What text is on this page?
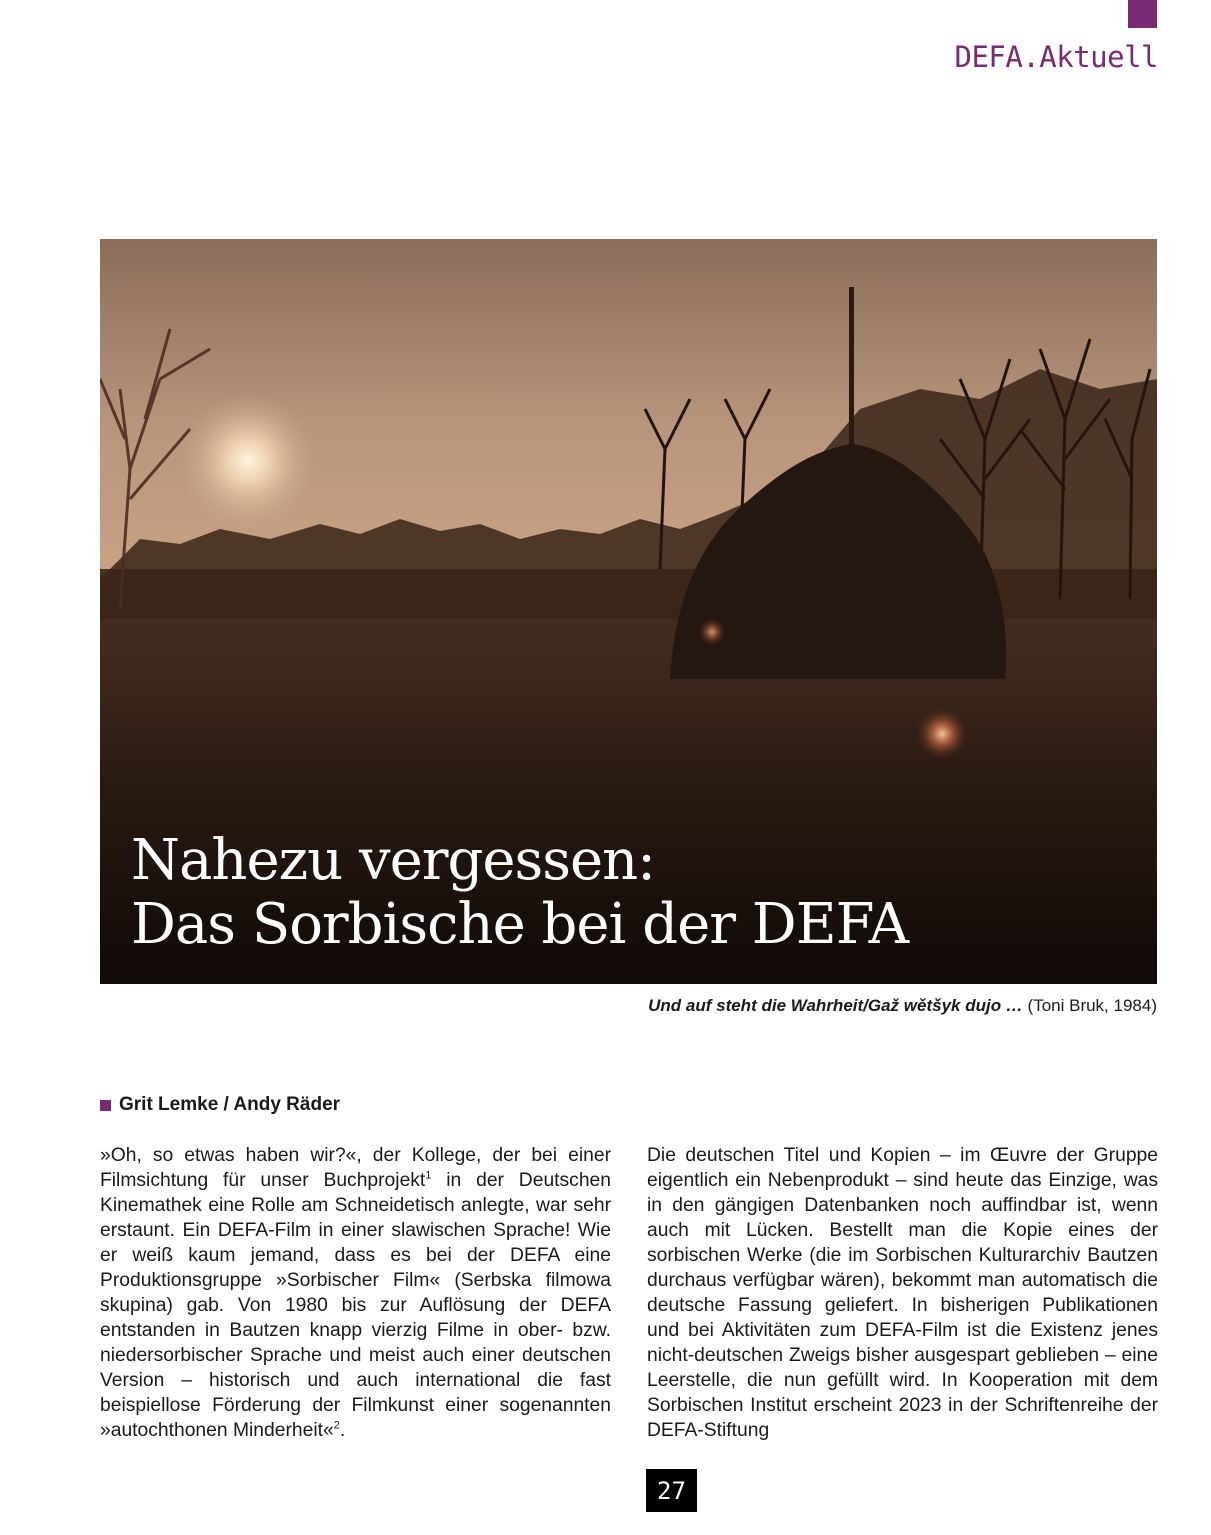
DEFA.Aktuell
Nahezu vergessen:
Das Sorbische bei der DEFA
Und auf steht die Wahrheit/Gaž wětšyk dujo … (Toni Bruk, 1984)
Grit Lemke / Andy Räder

»Oh, so etwas haben wir?«, der Kollege, der bei einer Filmsichtung für unser Buchprojekt$^1$ in der Deutschen Kinemathek eine Rolle am Schneidetisch anlegte, war sehr erstaunt. Ein DEFA-Film in einer slawischen Sprache! Wie er weiß kaum jemand, dass es bei der DEFA eine Produktionsgruppe »Sorbischer Film« (Serbska filmowa skupina) gab. Von 1980 bis zur Auflösung der DEFA entstanden in Bautzen knapp vierzig Filme in ober- bzw. niedersorbischer Sprache und meist auch einer deutschen Version – historisch und auch international die fast beispiellose Förderung der Filmkunst einer sogenannten »autochthonen Minderheit«$^2$.

Die deutschen Titel und Kopien – im Œuvre der Gruppe eigentlich ein Nebenprodukt – sind heute das Einzige, was in den gängigen Datenbanken noch auffindbar ist, wenn auch mit Lücken. Bestellt man die Kopie eines der sorbischen Werke (die im Sorbischen Kulturarchiv Bautzen durchaus verfügbar wären), bekommt man automatisch die deutsche Fassung geliefert. In bisherigen Publikationen und bei Aktivitäten zum DEFA-Film ist die Existenz jenes nicht-deutschen Zweigs bisher ausgespart geblieben – eine Leerstelle, die nun gefüllt wird. In Kooperation mit dem Sorbischen Institut erscheint 2023 in der Schriftenreihe der DEFA-Stiftung

27
